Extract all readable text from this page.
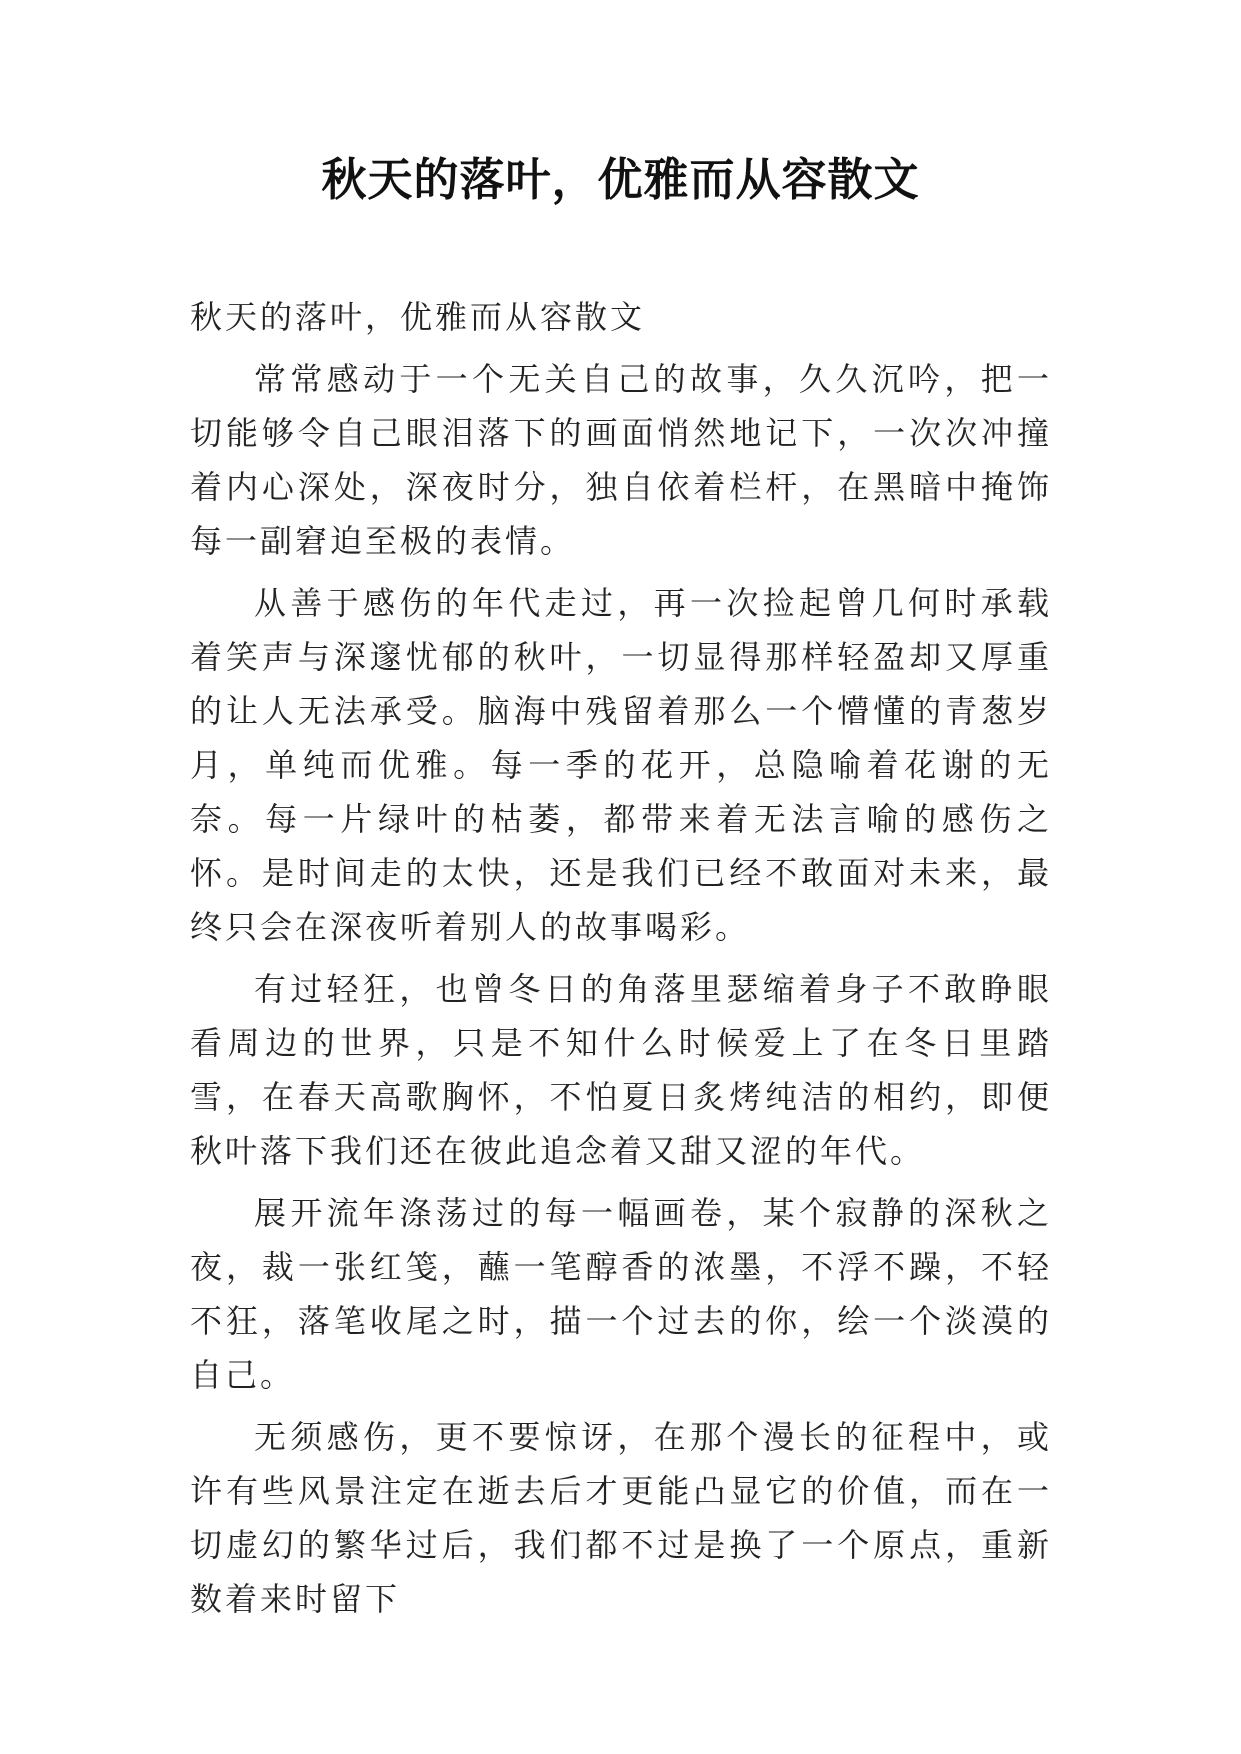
秋天的落叶，优雅而从容散文

秋天的落叶，优雅而从容散文

常常感动于一个无关自己的故事，久久沉吟，把一切能够令自己眼泪落下的画面悄然地记下，一次次冲撞着内心深处，深夜时分，独自依着栏杆，在黑暗中掩饰每一副窘迫至极的表情。

从善于感伤的年代走过，再一次捡起曾几何时承载着笑声与深邃忧郁的秋叶，一切显得那样轻盈却又厚重的让人无法承受。脑海中残留着那么一个懵懂的青葱岁月，单纯而优雅。每一季的花开，总隐喻着花谢的无奈。每一片绿叶的枯萎，都带来着无法言喻的感伤之怀。是时间走的太快，还是我们已经不敢面对未来，最终只会在深夜听着别人的故事喝彩。

有过轻狂，也曾冬日的角落里瑟缩着身子不敢睁眼看周边的世界，只是不知什么时候爱上了在冬日里踏雪，在春天高歌胸怀，不怕夏日炙烤纯洁的相约，即便秋叶落下我们还在彼此追念着又甜又涩的年代。

展开流年涤荡过的每一幅画卷，某个寂静的深秋之夜，裁一张红笺，蘸一笔醇香的浓墨，不浮不躁，不轻不狂，落笔收尾之时，描一个过去的你，绘一个淡漠的自己。

无须感伤，更不要惊讶，在那个漫长的征程中，或许有些风景注定在逝去后才更能凸显它的价值，而在一切虚幻的繁华过后，我们都不过是换了一个原点，重新数着来时留下
